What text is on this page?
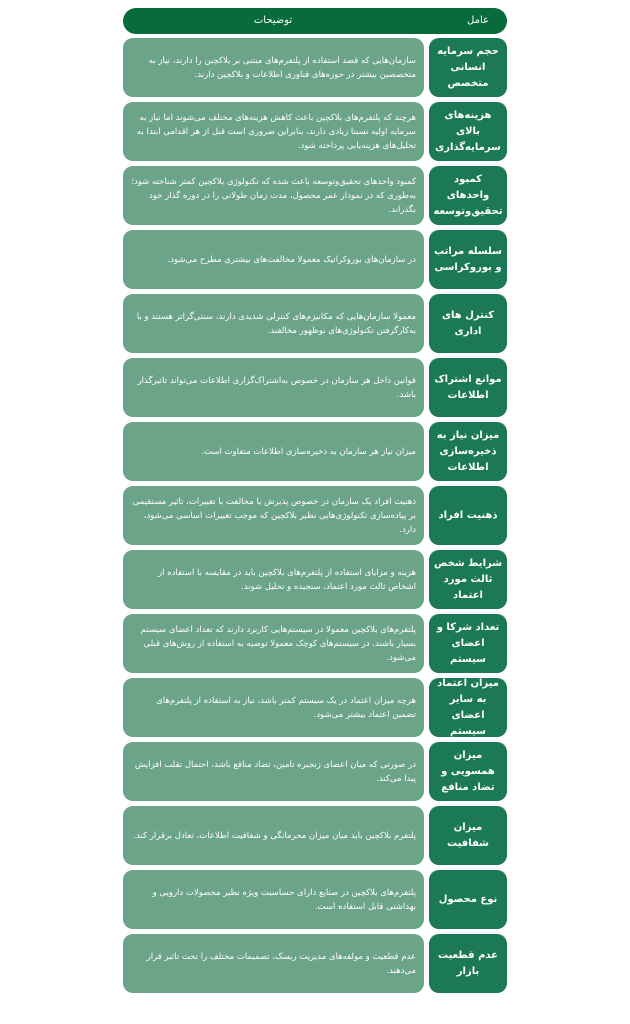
عامل
توضیحات
حجم سرمایه انسانی متخصص
سازمان‌هایی که قصد استفاده از پلتفرم‌های مبتنی بر بلاکچین را دارند، نیاز به متخصصین بیشتر در حوزه‌های فناوری اطلاعات و بلاکچین دارند.
هزینه‌های بالای سرمایه‌گذاری
هرچند که پلتفرم‌های بلاکچین باعث کاهش هزینه‌های مختلف می‌شوند اما نیاز به سرمایه اولیه نسبتا زیادی دارند، بنابراین ضروری است قبل از هر اقدامی ابتدا به تحلیل‌های هزینه‌یابی پرداخته شود.
کمبود واحدهای تحقیق‌وتوسعه
کمبود واحدهای تحقیق‌وتوسعه باعث شده که تکنولوژی بلاکچین کمتر شناخته شود؛ به‌طوری که در نمودار عمر محصول، مدت زمان طولانی را در دوره گذار خود بگذراند.
سلسله مراتب و بوروکراسی
در سازمان‌های بوروکراتیک معمولا مخالفت‌های بیشتری مطرح می‌شود.
کنترل های اداری
معمولا سازمان‌هایی که مکانیزم‌های کنترلی شدیدی دارند، سنتی‌گراتر هستند و با به‌کارگرفتن تکنولوژی‌های نوظهور مخالفند.
موانع اشتراک اطلاعات
قوانین داخل هر سازمان در خصوص به‌اشتراک‌گزاری اطلاعات می‌تواند تاثیرگذار باشد.
میزان نیاز به ذخیره‌سازی اطلاعات
میزان نیاز هر سازمان به ذخیره‌سازی اطلاعات متفاوت است.
ذهنیت افراد
ذهنیت افراد یک سازمان در خصوص پذیرش یا مخالفت با تغییرات، تاثیر مستقیمی بر پیاده‌سازی تکنولوژی‌هایی نظیر بلاکچین که موجب تغییرات اساسی می‌شود، دارد.
شرایط شخص ثالث مورد اعتماد
هزینه و مزایای استفاده از پلتفرم‌های بلاکچین باید در مقایسه با استفاده از اشخاص ثالث مورد اعتماد، سنجیده و تحلیل شوند.
تعداد شرکا و اعضای سیستم
پلتفرم‌های بلاکچین معمولا در سیستم‌هایی کاربرد دارند که تعداد اعضای سیستم بسیار باشند. در سیستم‌های کوچک معمولا توصیه به استفاده از روش‌های قبلی می‌شود.
میزان اعتماد به سایر اعضای سیستم
هرچه میزان اعتماد در یک سیستم کمتر باشد، نیاز به استفاده از پلتفرم‌های تضمین اعتماد بیشتر می‌شود.
میزان همسویی و تضاد منافع
در صورتی که میان اعضای زنجیره تامین، تضاد منافع باشد، احتمال تقلب افزایش پیدا می‌کند.
میزان شفافیت
پلتفرم بلاکچین باید میان میزان محرمانگی و شفافیت اطلاعات، تعادل برقرار کند.
نوع محصول
پلتفرم‌های بلاکچین در صنایع دارای حساسیت ویژه نظیر محصولات دارویی و بهداشتی قابل استفاده است.
عدم قطعیت بازار
عدم قطعیت و مولفه‌های مدیریت ریسک، تصمیمات مختلف را تحت تاثیر قرار می‌دهند.
